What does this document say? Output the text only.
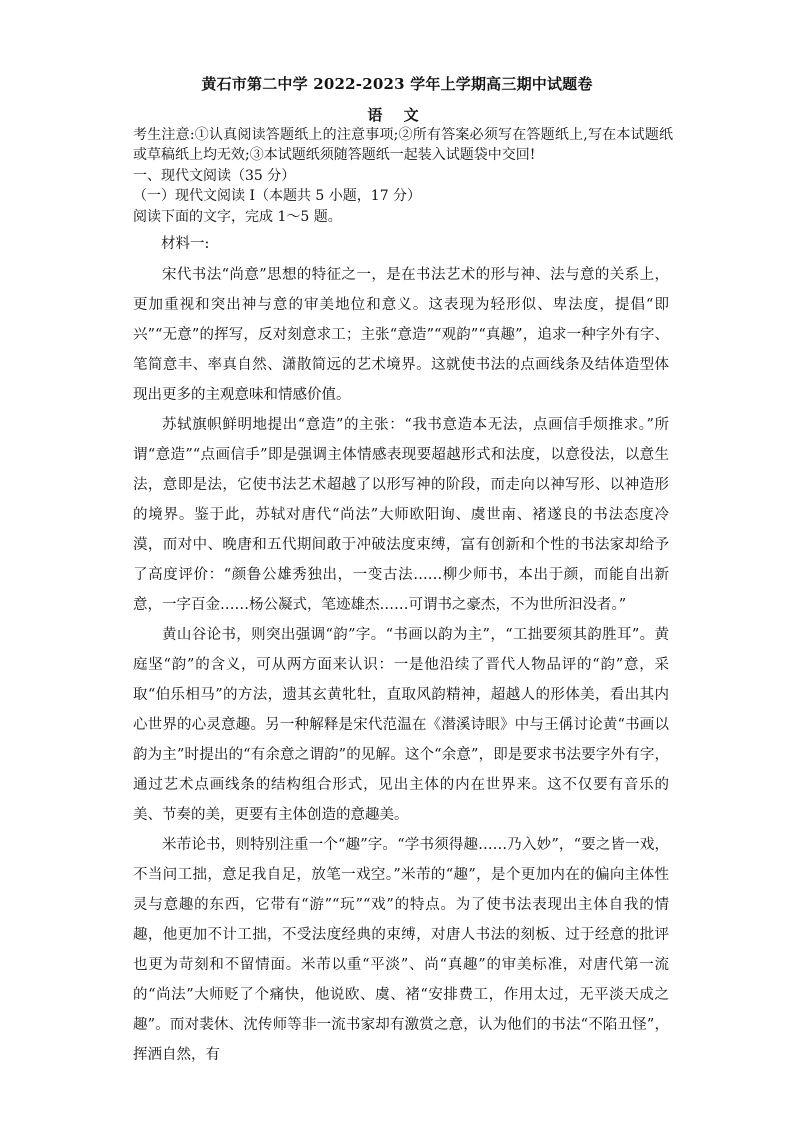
黄石市第二中学 2022-2023 学年上学期高三期中试题卷
语 文
考生注意:①认真阅读答题纸上的注意事项;②所有答案必须写在答题纸上,写在本试题纸或草稿纸上均无效;③本试题纸须随答题纸一起装入试题袋中交回!
一、现代文阅读（35 分）
（一）现代文阅读 I（本题共 5 小题，17 分）
阅读下面的文字，完成 1～5 题。
材料一:

宋代书法“尚意”思想的特征之一，是在书法艺术的形与神、法与意的关系上，更加重视和突出神与意的审美地位和意义。这表现为轻形似、卑法度，提倡“即兴”“无意”的挥写，反对刻意求工；主张“意造”“观韵”“真趣”，追求一种字外有字、笔简意丰、率真自然、潇散简远的艺术境界。这就使书法的点画线条及结体造型体现出更多的主观意味和情感价值。

苏轼旗帜鲜明地提出“意造”的主张：“我书意造本无法，点画信手烦推求。”所谓“意造”“点画信手”即是强调主体情感表现要超越形式和法度，以意役法，以意生法，意即是法，它使书法艺术超越了以形写神的阶段，而走向以神写形、以神造形的境界。鉴于此，苏轼对唐代“尚法”大师欧阳询、虞世南、褚遂良的书法态度冷漠，而对中、晚唐和五代期间敢于冲破法度束缚，富有创新和个性的书法家却给予了高度评价：“颜鲁公雄秀独出，一变古法……柳少师书，本出于颜，而能自出新意，一字百金……杨公凝式，笔迹雄杰……可谓书之豪杰，不为世所汩没者。”

黄山谷论书，则突出强调“韵”字。“书画以韵为主”，“工拙要须其韵胜耳”。黄庭坚“韵”的含义，可从两方面来认识：一是他沿续了晋代人物品评的“韵”意，采取“伯乐相马”的方法，遗其玄黄牝牡，直取风韵精神，超越人的形体美，看出其内心世界的心灵意趣。另一种解释是宋代范温在《潜溪诗眼》中与王偁讨论黄“书画以韵为主”时提出的“有余意之谓韵”的见解。这个“余意”，即是要求书法要字外有字，通过艺术点画线条的结构组合形式，见出主体的内在世界来。这不仅要有音乐的美、节奏的美，更要有主体创造的意趣美。

米芾论书，则特别注重一个“趣”字。“学书须得趣……乃入妙”，“要之皆一戏，不当问工拙，意足我自足，放笔一戏空。”米芾的“趣”，是个更加内在的偏向主体性灵与意趣的东西，它带有“游”“玩”“戏”的特点。为了使书法表现出主体自我的情趣，他更加不计工拙，不受法度经典的束缚，对唐人书法的刻板、过于经意的批评也更为苛刻和不留情面。米芾以重“平淡”、尚“真趣”的审美标准，对唐代第一流的“尚法”大师贬了个痛快，他说欧、虞、褚“安排费工，作用太过，无平淡天成之趣”。而对裴休、沈传师等非一流书家却有激赏之意，认为他们的书法“不陷丑怪”，挥洒自然，有
